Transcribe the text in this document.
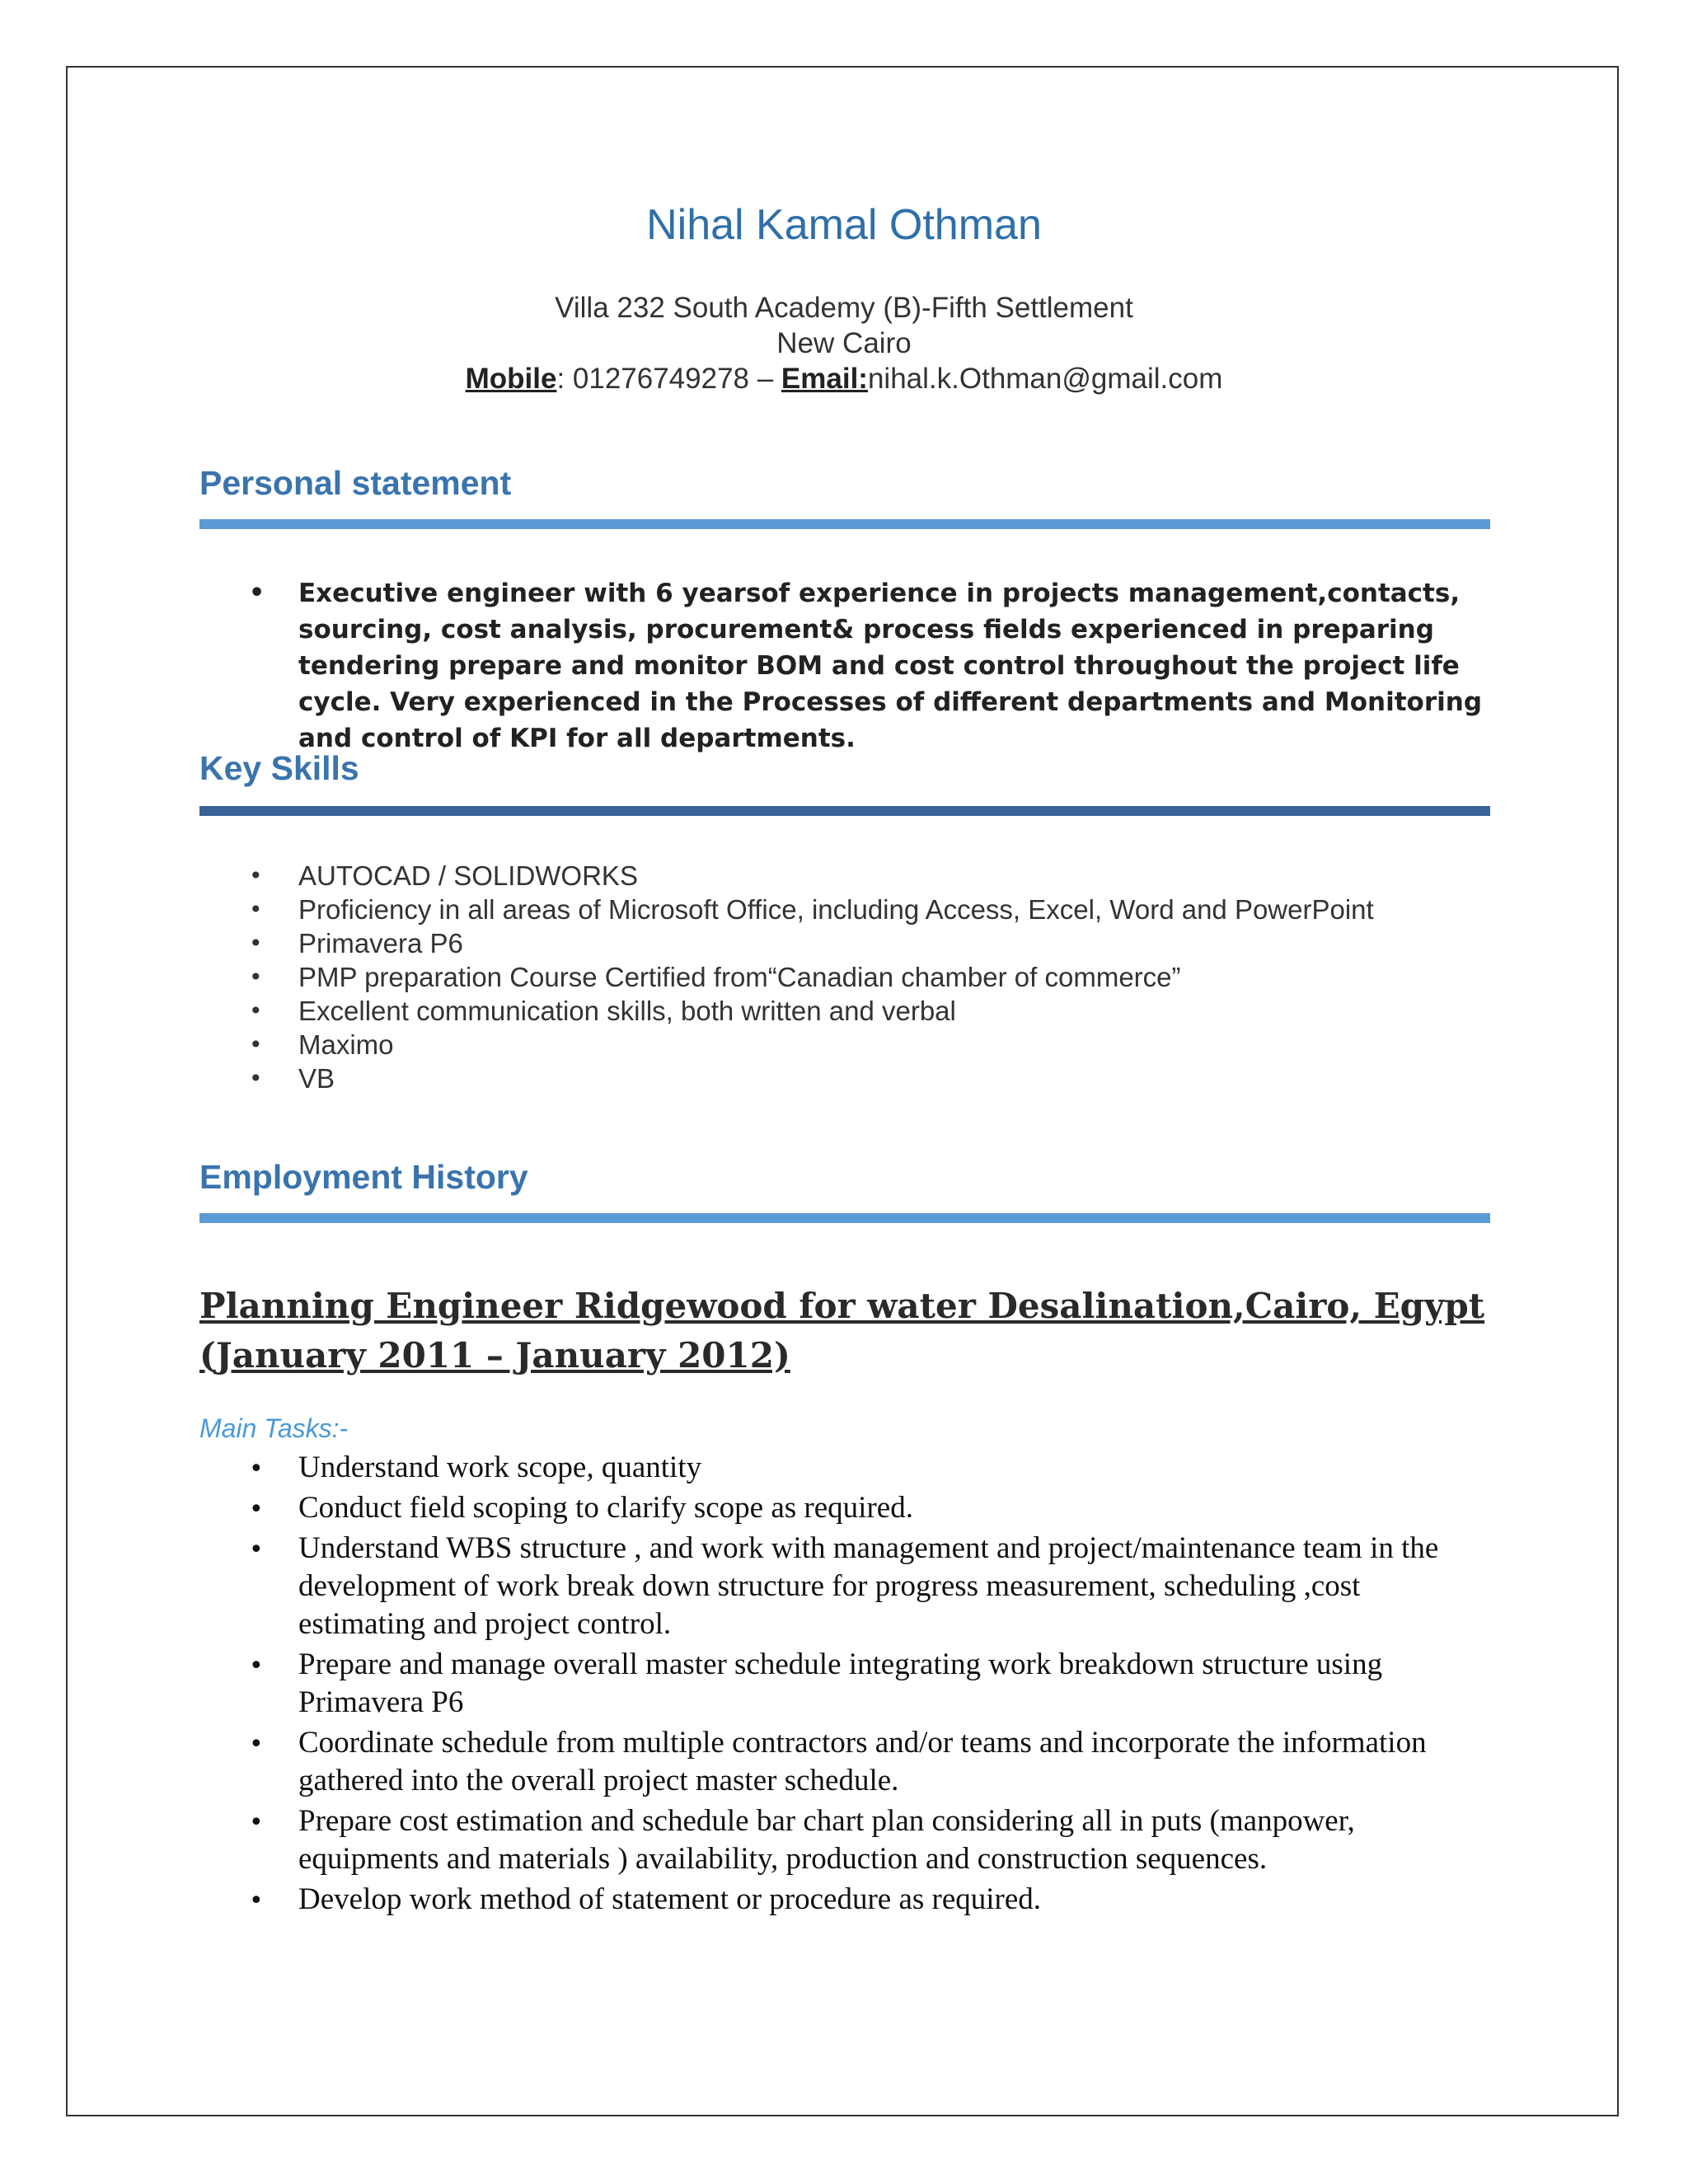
Nihal Kamal Othman
Villa 232 South Academy (B)-Fifth Settlement
New Cairo
Mobile: 01276749278 – Email:nihal.k.Othman@gmail.com
Personal statement
• Executive engineer with 6 yearsof experience in projects management,contacts, sourcing, cost analysis, procurement& process fields experienced in preparing tendering prepare and monitor BOM and cost control throughout the project life cycle. Very experienced in the Processes of different departments and Monitoring and control of KPI for all departments.
Key Skills
• AUTOCAD / SOLIDWORKS
• Proficiency in all areas of Microsoft Office, including Access, Excel, Word and PowerPoint
• Primavera P6
• PMP preparation Course Certified from“Canadian chamber of commerce”
• Excellent communication skills, both written and verbal
• Maximo
• VB
Employment History
Planning Engineer Ridgewood for water Desalination,Cairo, Egypt
(January 2011 – January 2012)
Main Tasks:-
• Understand work scope, quantity
• Conduct field scoping to clarify scope as required.
• Understand WBS structure , and work with management and project/maintenance team in the development of work break down structure for progress measurement, scheduling ,cost estimating and project control.
• Prepare and manage overall master schedule integrating work breakdown structure using Primavera P6
• Coordinate schedule from multiple contractors and/or teams and incorporate the information gathered into the overall project master schedule.
• Prepare cost estimation and schedule bar chart plan considering all in puts (manpower, equipments and materials ) availability, production and construction sequences.
• Develop work method of statement or procedure as required.
